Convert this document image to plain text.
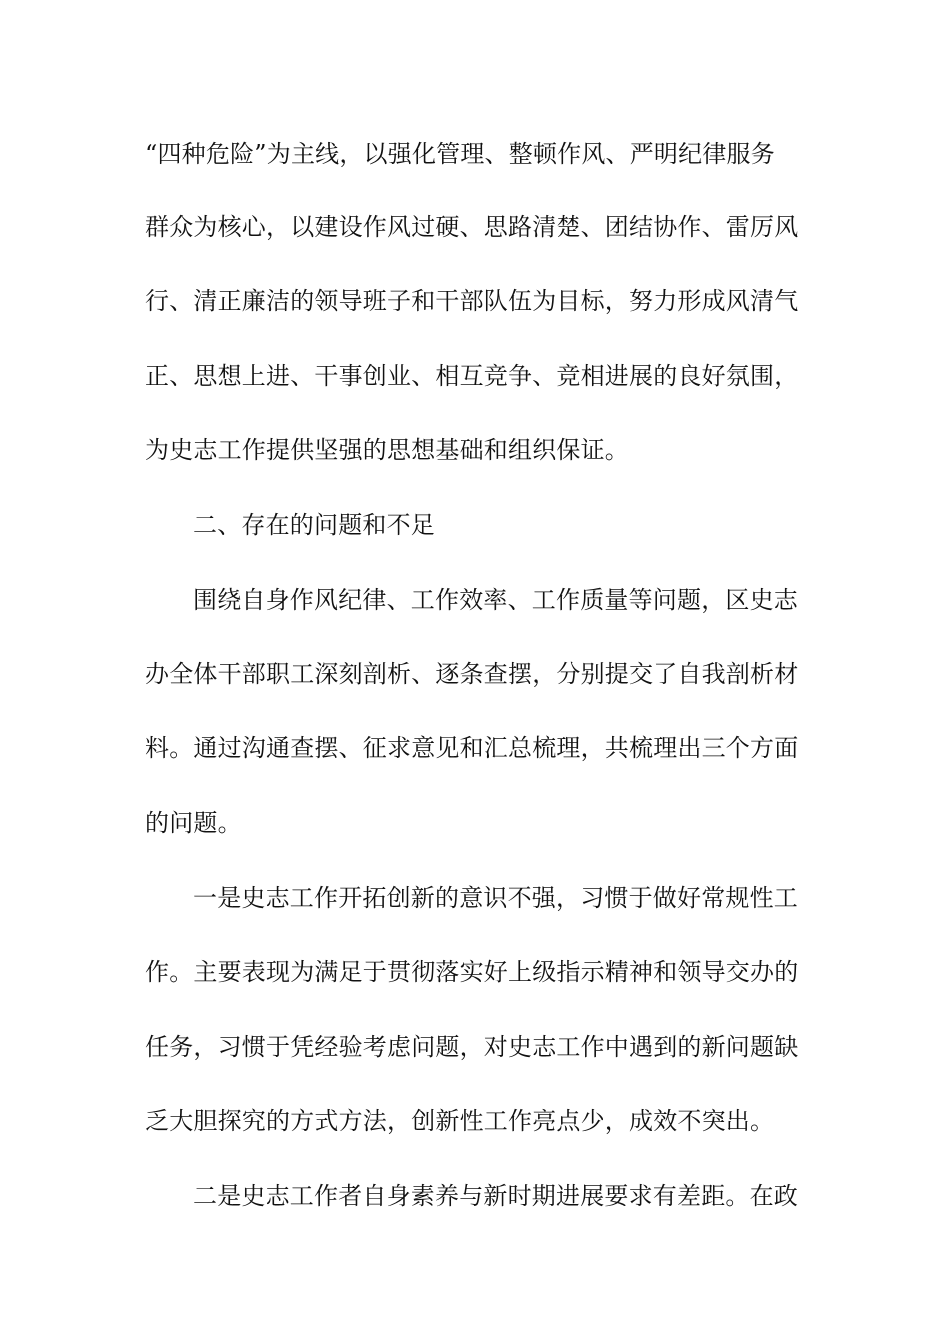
“四种危险”为主线，以强化管理、整顿作风、严明纪律服务
群众为核心，以建设作风过硬、思路清楚、团结协作、雷厉风
行、清正廉洁的领导班子和干部队伍为目标，努力形成风清气
正、思想上进、干事创业、相互竞争、竞相进展的良好氛围，
为史志工作提供坚强的思想基础和组织保证。
二、存在的问题和不足
围绕自身作风纪律、工作效率、工作质量等问题，区史志
办全体干部职工深刻剖析、逐条查摆，分别提交了自我剖析材
料。通过沟通查摆、征求意见和汇总梳理，共梳理出三个方面
的问题。
一是史志工作开拓创新的意识不强，习惯于做好常规性工
作。主要表现为满足于贯彻落实好上级指示精神和领导交办的
任务，习惯于凭经验考虑问题，对史志工作中遇到的新问题缺
乏大胆探究的方式方法，创新性工作亮点少，成效不突出。
二是史志工作者自身素养与新时期进展要求有差距。在政
